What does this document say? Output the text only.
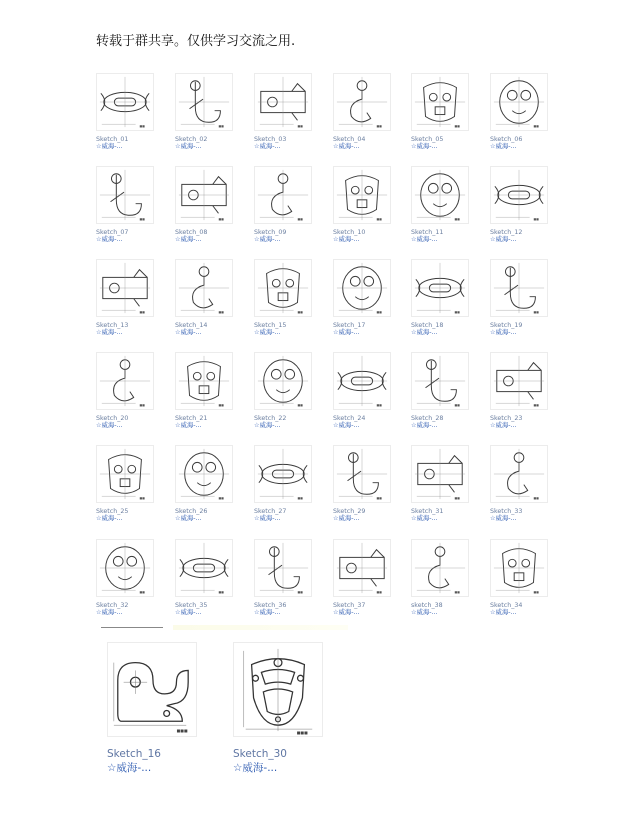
转载于群共享。仅供学习交流之用.
■■
Sketch_01
☆威海-...
■■
Sketch_02
☆威海-...
■■
Sketch_03
☆威海-...
■■
Sketch_04
☆威海-...
■■
Sketch_05
☆威海-...
■■
Sketch_06
☆威海-...
■■
Sketch_07
☆威海-...
■■
Sketch_08
☆威海-...
■■
Sketch_09
☆威海-...
■■
Sketch_10
☆威海-...
■■
Sketch_11
☆威海-...
■■
Sketch_12
☆威海-...
■■
Sketch_13
☆威海-...
■■
Sketch_14
☆威海-...
■■
Sketch_15
☆威海-...
■■
Sketch_17
☆威海-...
■■
Sketch_18
☆威海-...
■■
Sketch_19
☆威海-...
■■
Sketch_20
☆威海-...
■■
Sketch_21
☆威海-...
■■
Sketch_22
☆威海-...
■■
Sketch_24
☆威海-...
■■
Sketch_28
☆威海-...
■■
Sketch_23
☆威海-...
■■
Sketch_25
☆威海-...
■■
Sketch_26
☆威海-...
■■
Sketch_27
☆威海-...
■■
Sketch_29
☆威海-...
■■
Sketch_31
☆威海-...
■■
Sketch_33
☆威海-...
■■
Sketch_32
☆威海-...
■■
Sketch_35
☆威海-...
■■
Sketch_36
☆威海-...
■■
Sketch_37
☆威海-...
■■
sketch_38
☆威海-...
■■
Sketch_34
☆威海-...
■■■
Sketch_16
☆威海-...
■■■
Sketch_30
☆威海-...
